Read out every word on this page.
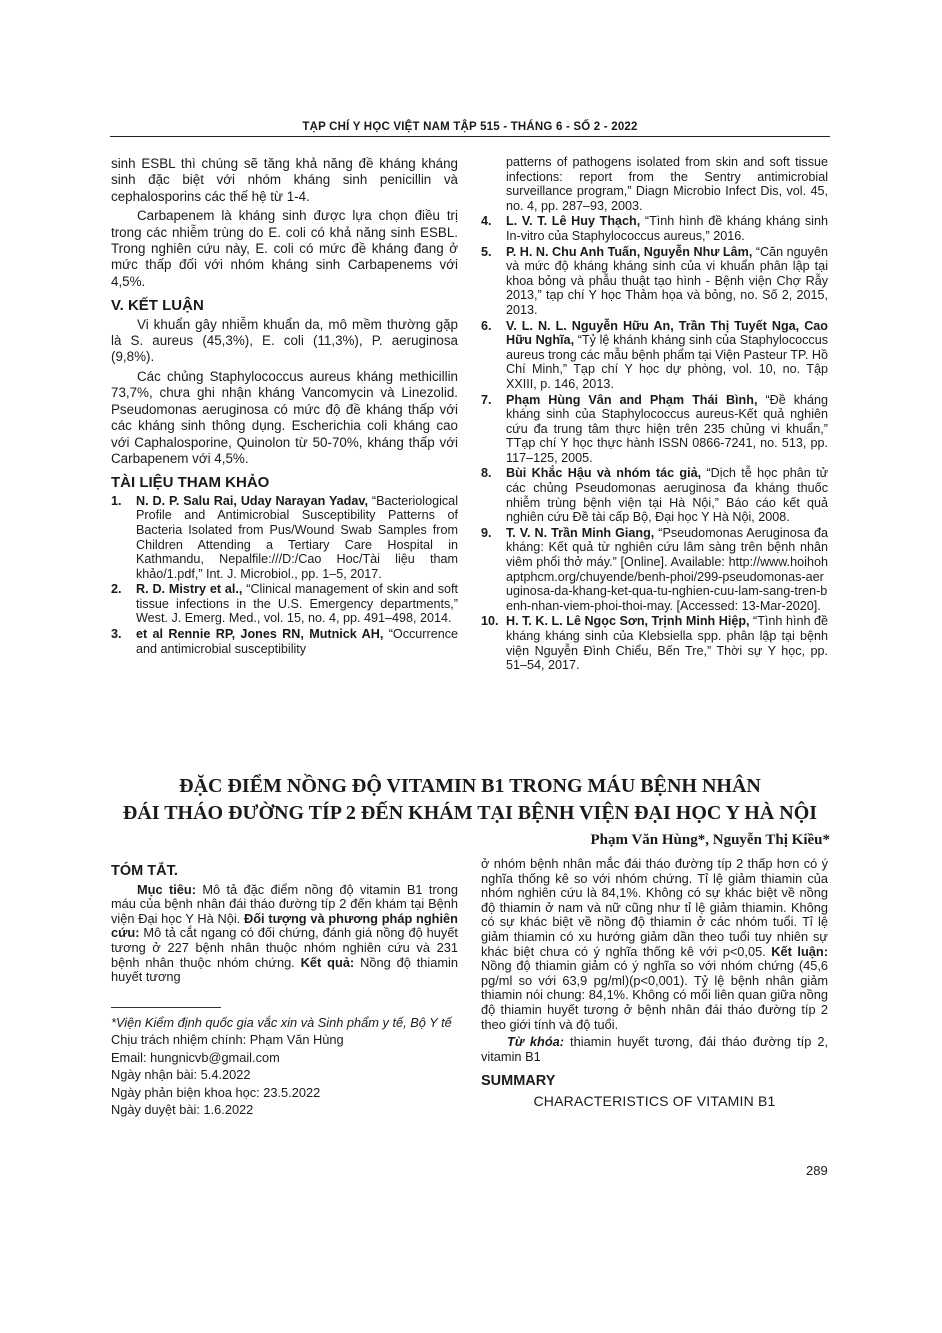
TẠP CHÍ Y HỌC VIỆT NAM TẬP 515 - THÁNG 6 - SỐ 2 - 2022

sinh ESBL thì chúng sẽ tăng khả năng đề kháng kháng sinh đặc biệt với nhóm kháng sinh penicillin và cephalosporins các thế hệ từ 1-4.

Carbapenem là kháng sinh được lựa chọn điều trị trong các nhiễm trùng do E. coli có khả năng sinh ESBL. Trong nghiên cứu này, E. coli có mức đề kháng đang ở mức thấp đối với nhóm kháng sinh Carbapenems với 4,5%.

V. KẾT LUẬN

Vi khuẩn gây nhiễm khuẩn da, mô mềm thường gặp là S. aureus (45,3%), E. coli (11,3%), P. aeruginosa (9,8%).

Các chủng Staphylococcus aureus kháng methicillin 73,7%, chưa ghi nhận kháng Vancomycin và Linezolid. Pseudomonas aeruginosa có mức độ đề kháng thấp với các kháng sinh thông dụng. Escherichia coli kháng cao với Caphalosporine, Quinolon từ 50-70%, kháng thấp với Carbapenem với 4,5%.

TÀI LIỆU THAM KHẢO
1. N. D. P. Salu Rai, Uday Narayan Yadav, “Bacteriological Profile and Antimicrobial Susceptibility Patterns of Bacteria Isolated from Pus/Wound Swab Samples from Children Attending a Tertiary Care Hospital in Kathmandu, Nepalfile:///D:/Cao Hoc/Tài liệu tham khảo/1.pdf,” Int. J. Microbiol., pp. 1–5, 2017.
2. R. D. Mistry et al., “Clinical management of skin and soft tissue infections in the U.S. Emergency departments,” West. J. Emerg. Med., vol. 15, no. 4, pp. 491–498, 2014.
3. et al Rennie RP, Jones RN, Mutnick AH, “Occurrence and antimicrobial susceptibility

patterns of pathogens isolated from skin and soft tissue infections: report from the Sentry antimicrobial surveillance program,” Diagn Microbio Infect Dis, vol. 45, no. 4, pp. 287–93, 2003.

4. L. V. T. Lê Huy Thạch, “Tình hình đề kháng kháng sinh In-vitro của Staphylococcus aureus,” 2016.
5. P. H. N. Chu Anh Tuấn, Nguyễn Như Lâm, “Căn nguyên và mức độ kháng kháng sinh của vi khuẩn phân lập tại khoa bỏng và phẫu thuật tạo hình - Bệnh viện Chợ Rẫy 2013,” tạp chí Y học Thảm họa và bỏng, no. Số 2, 2015, 2013.
6. V. L. N. L. Nguyễn Hữu An, Trần Thị Tuyết Nga, Cao Hữu Nghĩa, “Tỷ lệ khánh kháng sinh của Staphylococcus aureus trong các mẫu bệnh phẩm tại Viện Pasteur TP. Hồ Chí Minh,” Tạp chí Y học dự phòng, vol. 10, no. Tập XXIII, p. 146, 2013.
7. Phạm Hùng Vân and Phạm Thái Bình, “Đề kháng kháng sinh của Staphylococcus aureus-Kết quả nghiên cứu đa trung tâm thực hiện trên 235 chủng vi khuẩn,” TTạp chí Y học thực hành ISSN 0866-7241, no. 513, pp. 117–125, 2005.
8. Bùi Khắc Hậu và nhóm tác giả, “Dịch tễ học phân tử các chủng Pseudomonas aeruginosa đa kháng thuốc nhiễm trùng bệnh viện tại Hà Nội,” Báo cáo kết quả nghiên cứu Đề tài cấp Bộ, Đại học Y Hà Nội, 2008.
9. T. V. N. Trần Minh Giang, “Pseudomonas Aeruginosa đa kháng: Kết quả từ nghiên cứu lâm sàng trên bệnh nhân viêm phổi thở máy.” [Online]. Available: http://www.hoihohaptphcm.org/chuyende/benh-phoi/299-pseudomonas-aeruginosa-da-khang-ket-qua-tu-nghien-cuu-lam-sang-tren-benh-nhan-viem-phoi-thoi-may. [Accessed: 13-Mar-2020].
10. H. T. K. L. Lê Ngọc Sơn, Trịnh Minh Hiệp, “Tình hình đề kháng kháng sinh của Klebsiella spp. phân lập tại bệnh viện Nguyễn Đình Chiểu, Bến Tre,” Thời sự Y học, pp. 51–54, 2017.
ĐẶC ĐIỂM NỒNG ĐỘ VITAMIN B1 TRONG MÁU BỆNH NHÂN
ĐÁI THÁO ĐƯỜNG TÍP 2 ĐẾN KHÁM TẠI BỆNH VIỆN ĐẠI HỌC Y HÀ NỘI
Phạm Văn Hùng*, Nguyễn Thị Kiều*
TÓM TẮT.

Mục tiêu: Mô tả đặc điểm nồng độ vitamin B1 trong máu của bệnh nhân đái tháo đường típ 2 đến khám tại Bệnh viện Đại học Y Hà Nội. Đối tượng và phương pháp nghiên cứu: Mô tả cắt ngang có đối chứng, đánh giá nồng độ huyết tương ở 227 bệnh nhân thuộc nhóm nghiên cứu và 231 bệnh nhân thuộc nhóm chứng. Kết quả: Nồng độ thiamin huyết tương

*Viện Kiểm định quốc gia vắc xin và Sinh phẩm y tế, Bộ Y tế

Chịu trách nhiệm chính: Phạm Văn Hùng

Email: hungnicvb@gmail.com

Ngày nhận bài: 5.4.2022

Ngày phản biện khoa học: 23.5.2022

Ngày duyệt bài: 1.6.2022

ở nhóm bệnh nhân mắc đái tháo đường típ 2 thấp hơn có ý nghĩa thống kê so với nhóm chứng. Tỉ lệ giảm thiamin của nhóm nghiên cứu là 84,1%. Không có sự khác biệt về nồng độ thiamin ở nam và nữ cũng như tỉ lệ giảm thiamin. Không có sự khác biệt về nồng độ thiamin ở các nhóm tuổi. Tỉ lệ giảm thiamin có xu hướng giảm dần theo tuổi tuy nhiên sự khác biệt chưa có ý nghĩa thống kê với p<0,05. Kết luận: Nồng độ thiamin giảm có ý nghĩa so với nhóm chứng (45,6 pg/ml so với 63,9 pg/ml)(p<0,001). Tỷ lệ bệnh nhân giảm thiamin nói chung: 84,1%. Không có mối liên quan giữa nồng độ thiamin huyết tương ở bệnh nhân đái tháo đường típ 2 theo giới tính và độ tuổi.

Từ khóa: thiamin huyết tương, đái tháo đường típ 2, vitamin B1

SUMMARY
CHARACTERISTICS OF VITAMIN B1
289
